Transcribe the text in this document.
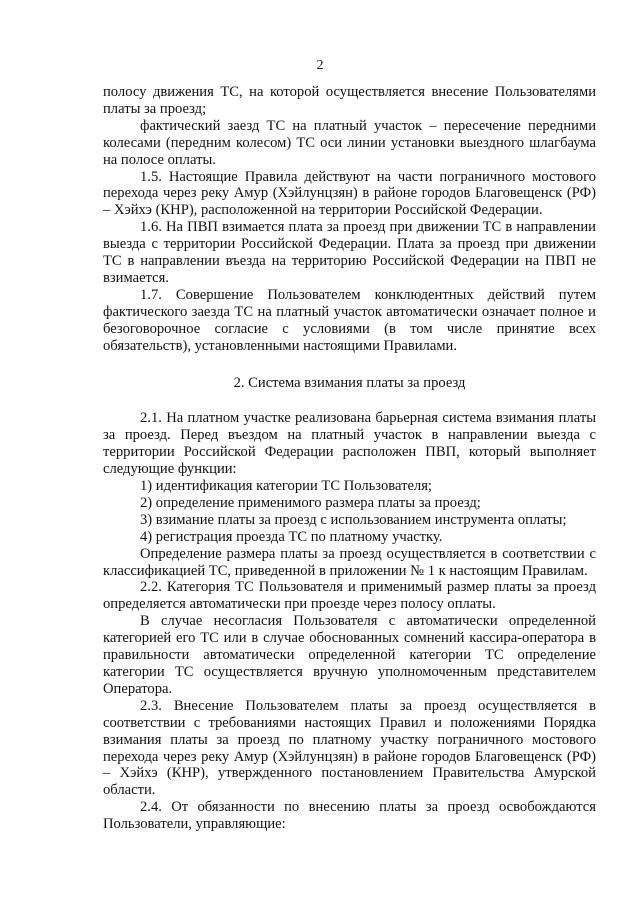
2

полосу движения ТС, на которой осуществляется внесение Пользователями платы за проезд;

фактический заезд ТС на платный участок – пересечение передними колесами (передним колесом) ТС оси линии установки выездного шлагбаума на полосе оплаты.

1.5. Настоящие Правила действуют на части пограничного мостового перехода через реку Амур (Хэйлунцзян) в районе городов Благовещенск (РФ) – Хэйхэ (КНР), расположенной на территории Российской Федерации.

1.6. На ПВП взимается плата за проезд при движении ТС в направлении выезда с территории Российской Федерации. Плата за проезд при движении ТС в направлении въезда на территорию Российской Федерации на ПВП не взимается.

1.7. Совершение Пользователем конклюдентных действий путем фактического заезда ТС на платный участок автоматически означает полное и безоговорочное согласие с условиями (в том числе принятие всех обязательств), установленными настоящими Правилами.

2. Система взимания платы за проезд

2.1. На платном участке реализована барьерная система взимания платы за проезд. Перед въездом на платный участок в направлении выезда с территории Российской Федерации расположен ПВП, который выполняет следующие функции:

1) идентификация категории ТС Пользователя;

2) определение применимого размера платы за проезд;

3) взимание платы за проезд с использованием инструмента оплаты;

4) регистрация проезда ТС по платному участку.

Определение размера платы за проезд осуществляется в соответствии с классификацией ТС, приведенной в приложении № 1 к настоящим Правилам.

2.2. Категория ТС Пользователя и применимый размер платы за проезд определяется автоматически при проезде через полосу оплаты.

В случае несогласия Пользователя с автоматически определенной категорией его ТС или в случае обоснованных сомнений кассира-оператора в правильности автоматически определенной категории ТС определение категории ТС осуществляется вручную уполномоченным представителем Оператора.

2.3. Внесение Пользователем платы за проезд осуществляется в соответствии с требованиями настоящих Правил и положениями Порядка взимания платы за проезд по платному участку пограничного мостового перехода через реку Амур (Хэйлунцзян) в районе городов Благовещенск (РФ) – Хэйхэ (КНР), утвержденного постановлением Правительства Амурской области.

2.4. От обязанности по внесению платы за проезд освобождаются Пользователи, управляющие:
